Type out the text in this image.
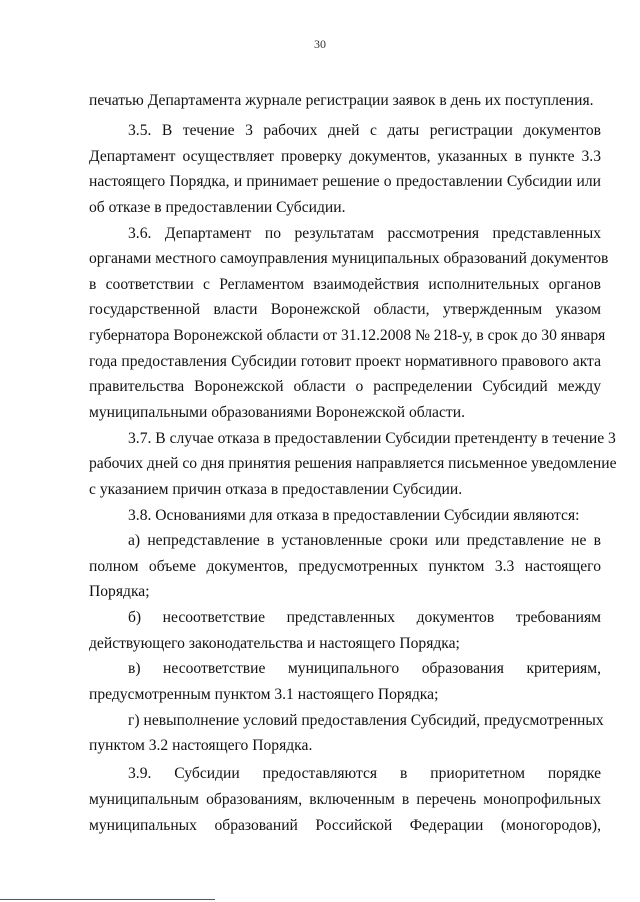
30
печатью Департамента журнале регистрации заявок в день их поступления.
3.5. В течение 3 рабочих дней с даты регистрации документов
Департамент осуществляет проверку документов, указанных в пункте 3.3
настоящего Порядка, и принимает решение о предоставлении Субсидии или
об отказе в предоставлении Субсидии.
3.6. Департамент по результатам рассмотрения представленных
органами местного самоуправления муниципальных образований документов
в соответствии с Регламентом взаимодействия исполнительных органов
государственной власти Воронежской области, утвержденным указом
губернатора Воронежской области от 31.12.2008 № 218-у, в срок до 30 января
года предоставления Субсидии готовит проект нормативного правового акта
правительства Воронежской области о распределении Субсидий между
муниципальными образованиями Воронежской области.
3.7. В случае отказа в предоставлении Субсидии претенденту в течение 3
рабочих дней со дня принятия решения направляется письменное уведомление
с указанием причин отказа в предоставлении Субсидии.
3.8. Основаниями для отказа в предоставлении Субсидии являются:
а) непредставление в установленные сроки или представление не в
полном объеме документов, предусмотренных пунктом 3.3 настоящего
Порядка;
б) несоответствие представленных документов требованиям
действующего законодательства и настоящего Порядка;
в) несоответствие муниципального образования критериям,
предусмотренным пунктом 3.1 настоящего Порядка;
г) невыполнение условий предоставления Субсидий, предусмотренных
пунктом 3.2 настоящего Порядка.
3.9. Субсидии предоставляются в приоритетном порядке
муниципальным образованиям, включенным в перечень монопрофильных
муниципальных образований Российской Федерации (моногородов),
